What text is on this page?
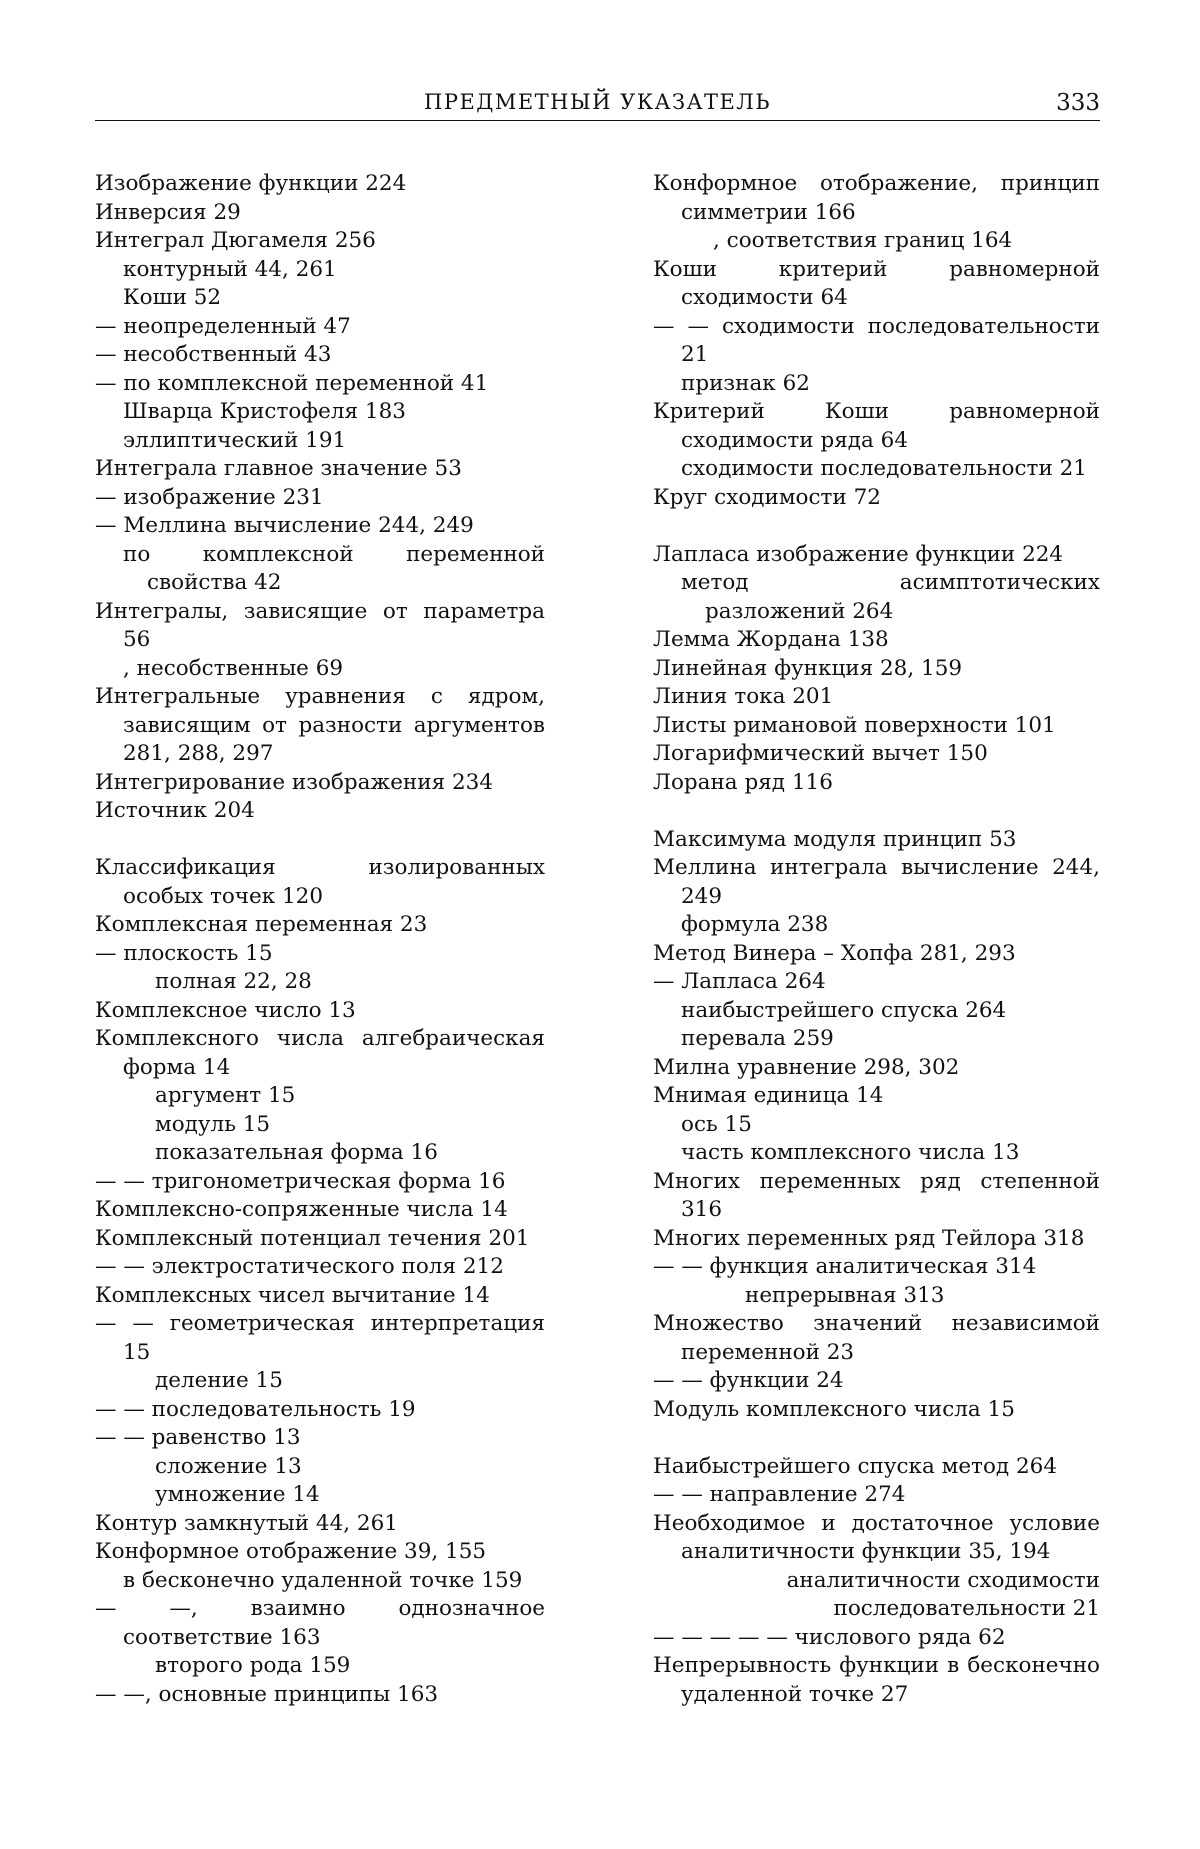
ПРЕДМЕТНЫЙ УКАЗАТЕЛЬ	333
Изображение функции 224
Инверсия 29
Интеграл Дюгамеля 256
контурный 44, 261
Коши 52
— неопределенный 47
— несобственный 43
— по комплексной переменной 41
Шварца Кристофеля 183
эллиптический 191
Интеграла главное значение 53
— изображение 231
— Меллина вычисление 244, 249
по комплексной переменной свойства 42
Интегралы, зависящие от параметра 56
, несобственные 69
Интегральные уравнения с ядром, зависящим от разности аргументов 281, 288, 297
Интегрирование изображения 234
Источник 204
Классификация изолированных особых точек 120
Комплексная переменная 23
— плоскость 15
полная 22, 28
Комплексное число 13
Комплексного числа алгебраическая форма 14
аргумент 15
модуль 15
показательная форма 16
— — тригонометрическая форма 16
Комплексно-сопряженные числа 14
Комплексный потенциал течения 201
— — электростатического поля 212
Комплексных чисел вычитание 14
— — геометрическая интерпретация 15
деление 15
— — последовательность 19
— — равенство 13
сложение 13
умножение 14
Контур замкнутый 44, 261
Конформное отображение 39, 155
в бесконечно удаленной точке 159
— —, взаимно однозначное соответствие 163
второго рода 159
— —, основные принципы 163
Конформное отображение, принцип симметрии 166
, соответствия границ 164
Коши критерий равномерной сходимости 64
— — сходимости последовательности 21
признак 62
Критерий Коши равномерной сходимости ряда 64
сходимости последовательности 21
Круг сходимости 72
Лапласа изображение функции 224
метод асимптотических разложений 264
Лемма Жордана 138
Линейная функция 28, 159
Линия тока 201
Листы римановой поверхности 101
Логарифмический вычет 150
Лорана ряд 116
Максимума модуля принцип 53
Меллина интеграла вычисление 244, 249
формула 238
Метод Винера – Хопфа 281, 293
— Лапласа 264
наибыстрейшего спуска 264
перевала 259
Милна уравнение 298, 302
Мнимая единица 14
ось 15
часть комплексного числа 13
Многих переменных ряд степенной 316
Многих переменных ряд Тейлора 318
— — функция аналитическая 314
непрерывная 313
Множество значений независимой переменной 23
— — функции 24
Модуль комплексного числа 15
Наибыстрейшего спуска метод 264
— — направление 274
Необходимое и достаточное условие аналитичности функции 35, 194
аналитичности сходимости последовательности 21
— — — — — числового ряда 62
Непрерывность функции в бесконечно удаленной точке 27
